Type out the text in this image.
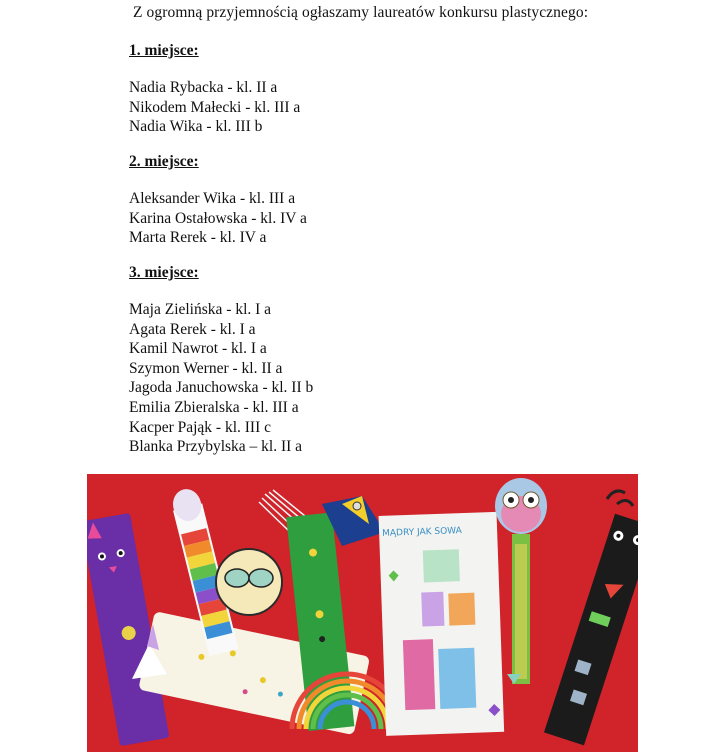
Z ogromną przyjemnością ogłaszamy laureatów konkursu plastycznego:
1. miejsce:
Nadia Rybacka - kl. II a
Nikodem Małecki - kl. III a
Nadia Wika - kl. III b
2. miejsce:
Aleksander Wika - kl. III a
Karina Ostałowska - kl. IV a
Marta Rerek - kl. IV a
3. miejsce:
Maja Zielińska - kl. I a
Agata Rerek - kl. I a
Kamil Nawrot - kl. I a
Szymon Werner - kl. II a
Jagoda Januchowska - kl. II b
Emilia Zbieralska - kl. III a
Kacper Pająk - kl. III c
Blanka Przybylska – kl. II a
MĄDRY JAK SOWA
